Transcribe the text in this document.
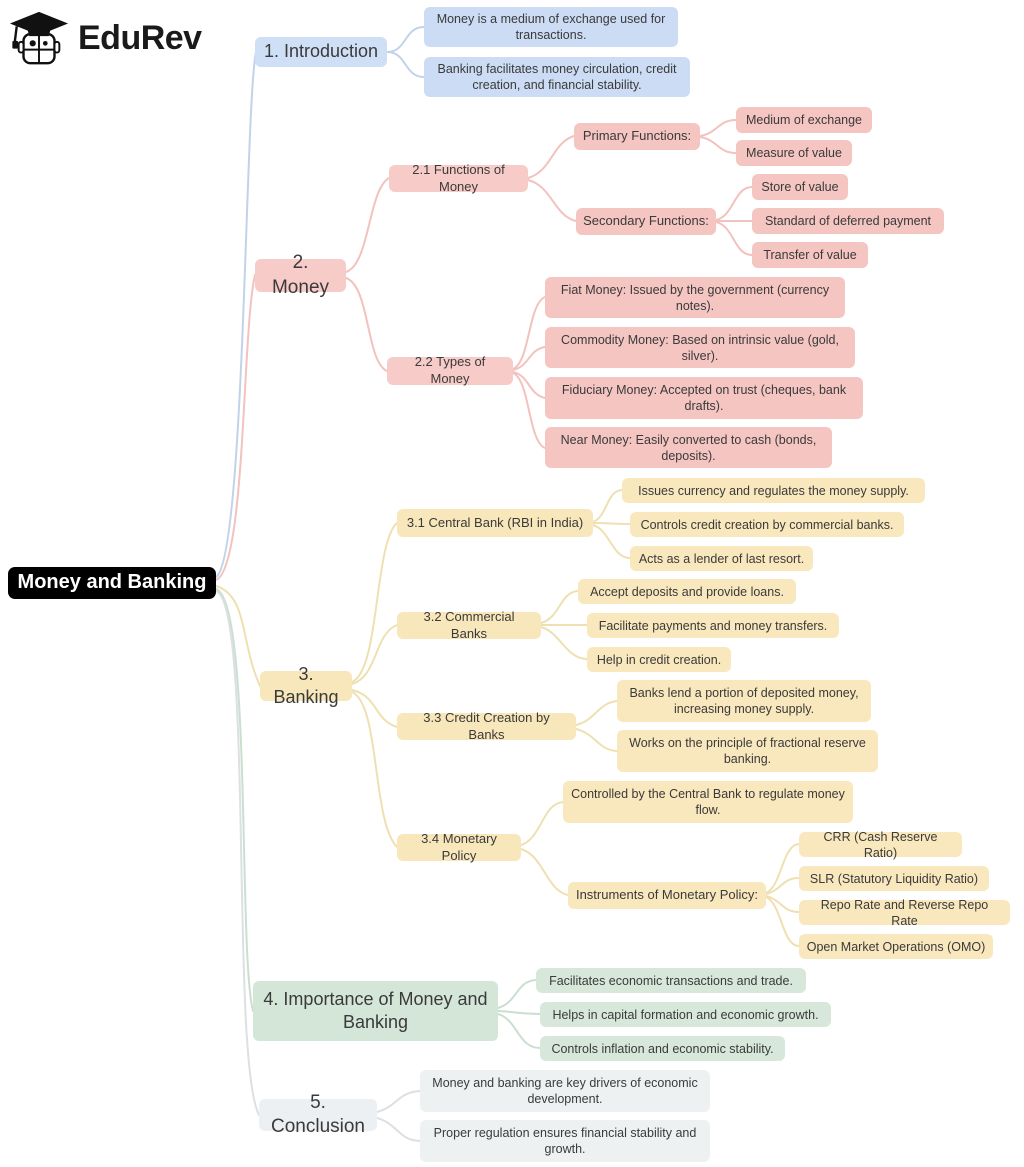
EduRev
Money and Banking
1. Introduction
Money is a medium of exchange used for transactions.
Banking facilitates money circulation, credit creation, and financial stability.
2. Money
2.1 Functions of Money
Primary Functions:
Medium of exchange
Measure of value
Secondary Functions:
Store of value
Standard of deferred payment
Transfer of value
2.2 Types of Money
Fiat Money: Issued by the government (currency notes).
Commodity Money: Based on intrinsic value (gold, silver).
Fiduciary Money: Accepted on trust (cheques, bank drafts).
Near Money: Easily converted to cash (bonds, deposits).
3. Banking
3.1 Central Bank (RBI in India)
Issues currency and regulates the money supply.
Controls credit creation by commercial banks.
Acts as a lender of last resort.
3.2 Commercial Banks
Accept deposits and provide loans.
Facilitate payments and money transfers.
Help in credit creation.
3.3 Credit Creation by Banks
Banks lend a portion of deposited money, increasing money supply.
Works on the principle of fractional reserve banking.
3.4 Monetary Policy
Controlled by the Central Bank to regulate money flow.
Instruments of Monetary Policy:
CRR (Cash Reserve Ratio)
SLR (Statutory Liquidity Ratio)
Repo Rate and Reverse Repo Rate
Open Market Operations (OMO)
4. Importance of Money and Banking
Facilitates economic transactions and trade.
Helps in capital formation and economic growth.
Controls inflation and economic stability.
5. Conclusion
Money and banking are key drivers of economic development.
Proper regulation ensures financial stability and growth.
